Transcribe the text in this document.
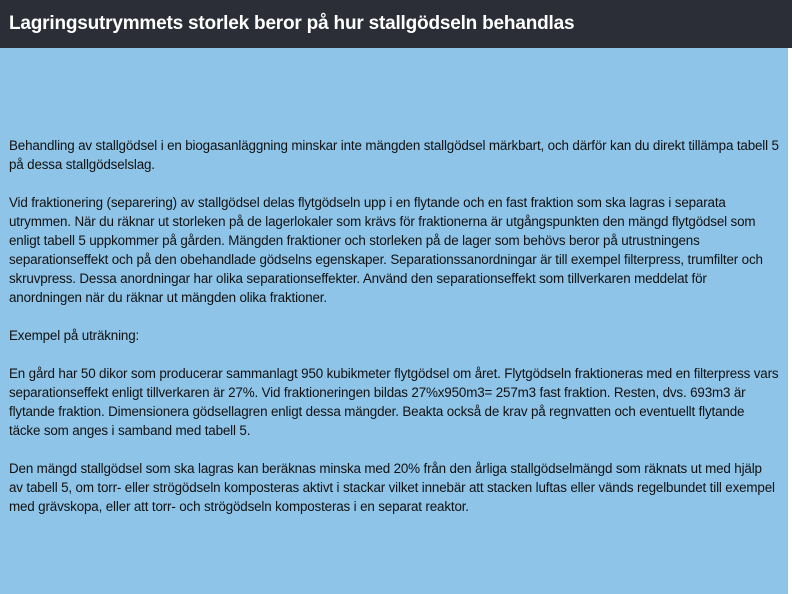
Lagringsutrymmets storlek beror på hur stallgödseln behandlas

Behandling av stallgödsel i en biogasanläggning minskar inte mängden stallgödsel märkbart, och därför kan du direkt tillämpa tabell 5 på dessa stallgödselslag.

Vid fraktionering (separering) av stallgödsel delas flytgödseln upp i en flytande och en fast fraktion som ska lagras i separata utrymmen. När du räknar ut storleken på de lagerlokaler som krävs för fraktionerna är utgångspunkten den mängd flytgödsel som enligt tabell 5 uppkommer på gården. Mängden fraktioner och storleken på de lager som behövs beror på utrustningens separationseffekt och på den obehandlade gödselns egenskaper. Separationssanordningar är till exempel filterpress, trumfilter och skruvpress. Dessa anordningar har olika separationseffekter. Använd den separationseffekt som tillverkaren meddelat för anordningen när du räknar ut mängden olika fraktioner.

Exempel på uträkning:

En gård har 50 dikor som producerar sammanlagt 950 kubikmeter flytgödsel om året. Flytgödseln fraktioneras med en filterpress vars separationseffekt enligt tillverkaren är 27%. Vid fraktioneringen bildas 27%x950m3= 257m3 fast fraktion. Resten, dvs. 693m3 är flytande fraktion. Dimensionera gödsellagren enligt dessa mängder. Beakta också de krav på regnvatten och eventuellt flytande täcke som anges i samband med tabell 5.

Den mängd stallgödsel som ska lagras kan beräknas minska med 20% från den årliga stallgödselmängd som räknats ut med hjälp av tabell 5, om torr- eller strögödseln komposteras aktivt i stackar vilket innebär att stacken luftas eller vänds regelbundet till exempel med grävskopa, eller att torr- och strögödseln komposteras i en separat reaktor.
